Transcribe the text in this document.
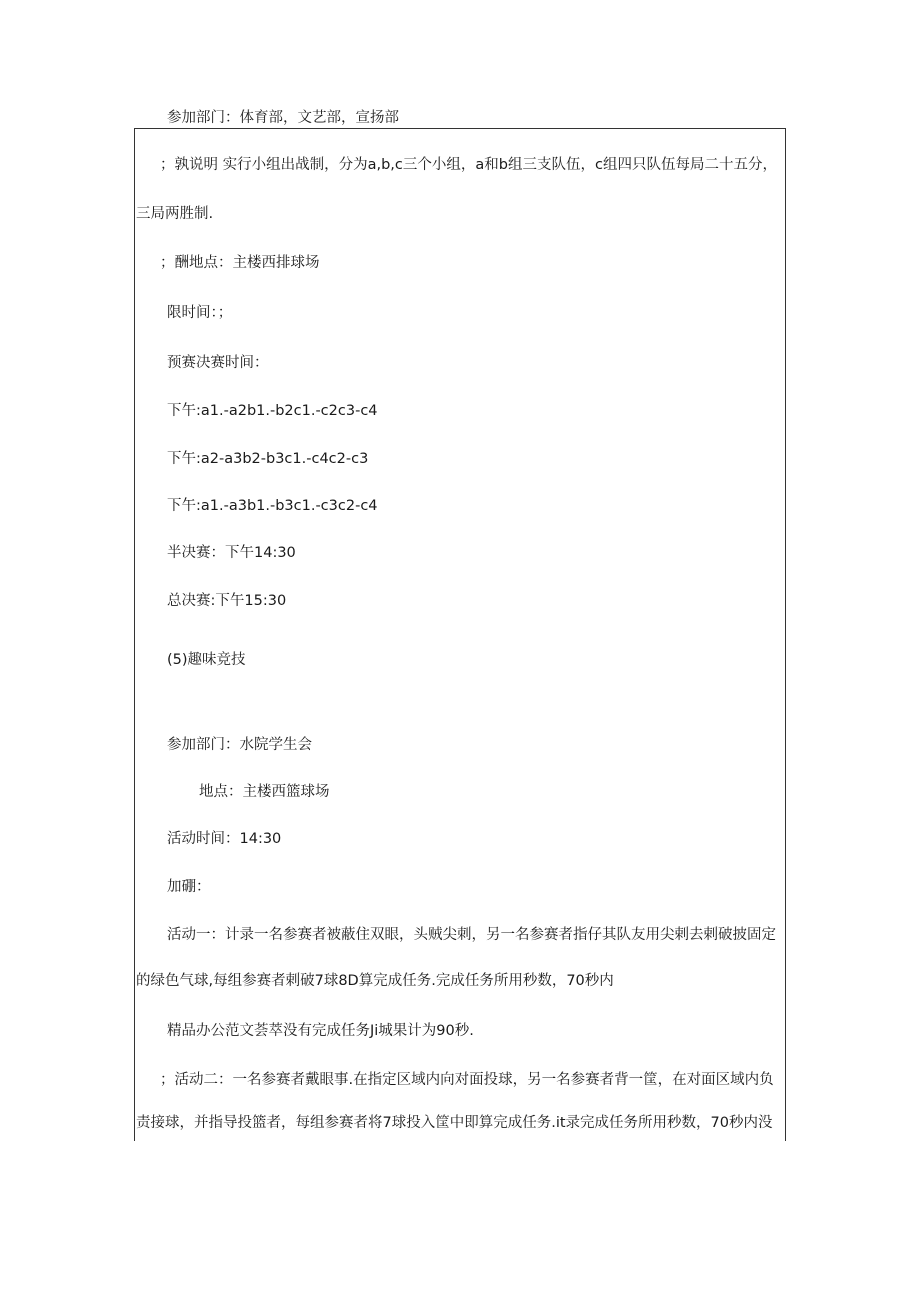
参加部门：体育部，文艺部，宣扬部
；孰说明 实行小组出战制，分为a,b,c三个小组，a和b组三支队伍，c组四只队伍每局二十五分，
三局两胜制.
；酬地点：主楼西排球场
限时间：；
预赛决赛时间：
下午:a1.-a2b1.-b2c1.-c2c3-c4
下午:a2-a3b2-b3c1.-c4c2-c3
下午:a1.-a3b1.-b3c1.-c3c2-c4
半决赛：下午14:30
总决赛:下午15:30
(5)趣味竞技
参加部门：水院学生会
地点：主楼西篮球场
活动时间：14:30
加硼：
活动一：计录一名参赛者被蔽住双眼，头贼尖刺，另一名参赛者指仔其队友用尖剌去剌破披固定
的绿色气球,每组参赛者剌破7球8D算完成任务.完成任务所用秒数，70秒内
精品办公范文荟萃没有完成任务Ji城果计为90秒.
；活动二：一名参赛者戴眼事.在指定区域内向对面投球，另一名参赛者背一筐，在对面区域内负
责接球，并指导投篮者，每组参赛者将7球投入筐中即算完成任务.it录完成任务所用秒数，70秒内没
